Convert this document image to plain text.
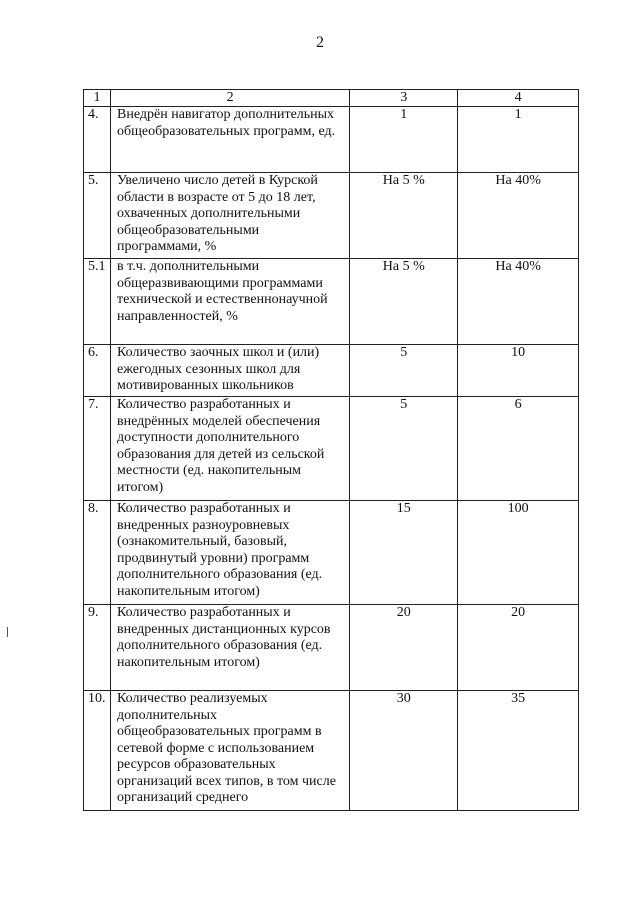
2
1	2	3	4
4.	Внедрён навигатор дополнительных общеобразовательных программ, ед.	1	1
5.	Увеличено число детей в Курской области в возрасте от 5 до 18 лет, охваченных дополнительными общеобразовательными программами, %	На 5 %	На 40%
5.1	в т.ч. дополнительными общеразвивающими программами технической и естественнонаучной направленностей, %	На 5 %	На 40%
6.	Количество заочных школ и (или) ежегодных сезонных школ для мотивированных школьников	5	10
7.	Количество разработанных и внедрённых моделей обеспечения доступности дополнительного образования для детей из сельской местности (ед. накопительным итогом)	5	6
8.	Количество разработанных и внедренных разноуровневых (ознакомительный, базовый, продвинутый уровни) программ дополнительного образования (ед. накопительным итогом)	15	100
9.	Количество разработанных и внедренных дистанционных курсов дополнительного образования (ед. накопительным итогом)	20	20
10.	Количество реализуемых дополнительных общеобразовательных программ в сетевой форме с использованием ресурсов образовательных организаций всех типов, в том числе организаций среднего	30	35
